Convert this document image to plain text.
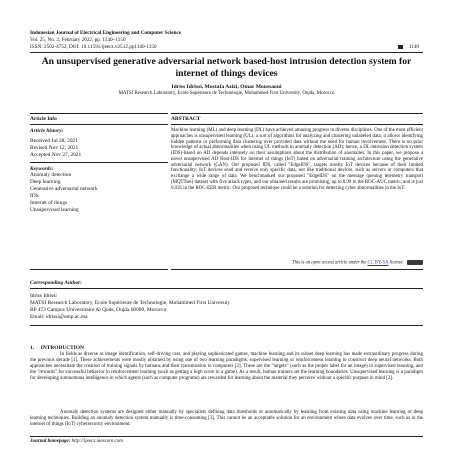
Indonesian Journal of Electrical Engineering and Computer Science

Vol. 25, No. 2, February 2022, pp. 1140~1150

ISSN: 2502-4752, DOI: 10.11591/ijeecs.v25.i2.pp1140-1150	1140
An unsupervised generative adversarial network based-host intrusion detection system for internet of things devices
Idriss Idrissi, Mostafa Azizi, Omar Moussaoui
MATSI Research Laboratory, Ecole Supérieure de Technologie, Mohammed First University, Oujda, Morocco
Article Info
Article history:
Received Jul 28, 2021
Revised Nov 12, 2021
Accepted Nov 27, 2021
Keywords:
Anomaly detection
Deep learning
Generative adversarial network
IDS
Internet of things
Unsupervised learning
ABSTRACT

Machine learning (ML) and deep learning (DL) have achieved amazing progress in diverse disciplines. One of the most efficient approaches is unsupervised learning (UL), a sort of algorithms for analyzing and clustering unlabeled data; it allows identifying hidden patterns or performing data clustering over provided data without the need for human involvement. There is no prior knowledge of actual abnormalities when using UL methods in anomaly detection (AD); hence, a DL-intrusion detection system (IDS)-based on AD depends intensely on their assumptions about the distribution of anomalies. In this paper, we propose a novel unsupervised AD Host-IDS for internet of things (IoT) based on adversarial training architecture using the generative adversarial network (GAN). Our proposed IDS, called "EdgeIDS", targets mostly IoT devices because of their limited functionality; IoT devices send and receive only specific data, not like traditional devices, such as servers or computers that exchange a wide range of data. We benchmarked our proposed "EdgeIDS" on the message queuing telemetry transport (MQTTset) dataset with five attack types, and our obtained results are promising, up to 0.99 in the ROC-AUC metric, and is just 0.035 in the ROC-EER metric. Our proposed technique could be a solution for detecting cyber abnormalities in the IoT.

This is an open access article under the CC BY-SA license.
Corresponding Author:
Idriss Idrissi
MATSI Research Laboratory, Ecole Supérieure de Technologie, Mohammed First University
BP 473 Campus Universitaire Al Qods, Oujda 60000, Morocco
Email: idrissi@ump.ac.ma
1.     INTRODUCTION

In fields as diverse as image identification, self-driving cars, and playing sophisticated games, machine learning and its subset deep learning has made extraordinary progress during the previous decade [1]. These achievements were mostly obtained by using one of two learning paradigms: supervised learning or reinforcement learning to construct deep neural networks. Both approaches necessitate the creation of training signals by humans and their transmission to computers [2]. These are the "targets" (such as the proper label for an image) in supervised learning, and the "rewards" for successful behavior in reinforcement learning (such as getting a high score in a game). As a result, human trainers set the learning boundaries. Unsupervised learning is a paradigm for developing autonomous intelligence in which agents (such as computer programs) are rewarded for learning about the material they perceive without a specific purpose in mind [2].

Anomaly detection systems are designed either manually by specialists defining data thresholds or automatically by learning from existing data using machine learning or deep learning techniques. Building an anomaly detection system manually is time-consuming [3]. This cannot be an acceptable solution for an environment where data evolves over time, such as in the internet of things (IoT) cybersecurity environment.

Journal homepage: http://ijeecs.iaescore.com
